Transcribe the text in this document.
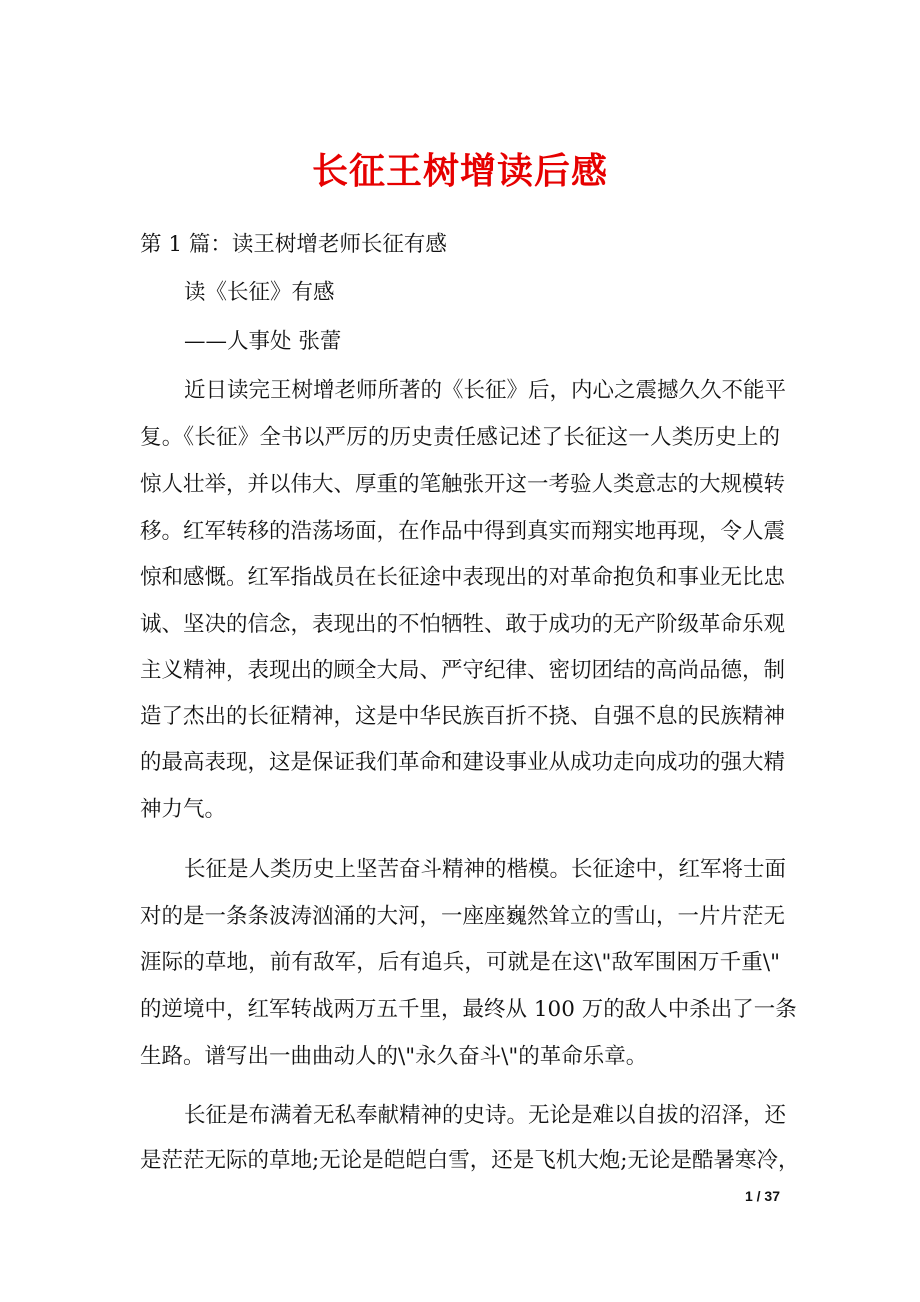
长征王树增读后感
第 1 篇：读王树增老师长征有感
读《长征》有感
——人事处 张蕾
近日读完王树增老师所著的《长征》后，内心之震撼久久不能平
复。《长征》全书以严厉的历史责任感记述了长征这一人类历史上的
惊人壮举，并以伟大、厚重的笔触张开这一考验人类意志的大规模转
移。红军转移的浩荡场面，在作品中得到真实而翔实地再现，令人震
惊和感慨。红军指战员在长征途中表现出的对革命抱负和事业无比忠
诚、坚决的信念，表现出的不怕牺牲、敢于成功的无产阶级革命乐观
主义精神，表现出的顾全大局、严守纪律、密切团结的高尚品德，制
造了杰出的长征精神，这是中华民族百折不挠、自强不息的民族精神
的最高表现，这是保证我们革命和建设事业从成功走向成功的强大精
神力气。
长征是人类历史上坚苦奋斗精神的楷模。长征途中，红军将士面
对的是一条条波涛汹涌的大河，一座座巍然耸立的雪山，一片片茫无
涯际的草地，前有敌军，后有追兵，可就是在这\"敌军围困万千重\"
的逆境中，红军转战两万五千里，最终从 100 万的敌人中杀出了一条
生路。谱写出一曲曲动人的\"永久奋斗\"的革命乐章。
长征是布满着无私奉献精神的史诗。无论是难以自拔的沼泽，还
是茫茫无际的草地;无论是皑皑白雪，还是飞机大炮;无论是酷暑寒冷，
1 / 37
